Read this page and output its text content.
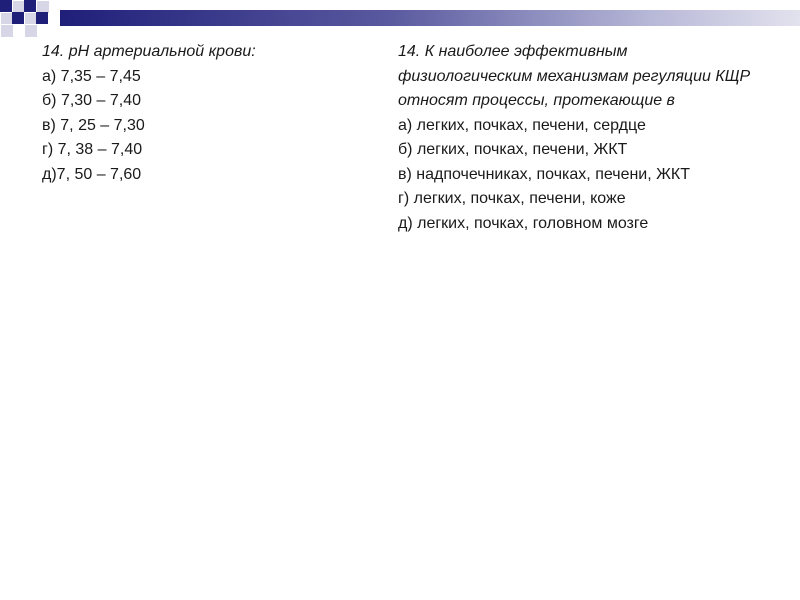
14. рН артериальной крови:

а) 7,35 – 7,45
б) 7,30 – 7,40
в) 7, 25 – 7,30
г) 7, 38 – 7,40
д)7, 50 – 7,60

14. К наиболее эффективным физиологическим механизмам регуляции КЩР относят процессы, протекающие в

а) легких, почках, печени, сердце
б) легких, почках, печени, ЖКТ
в) надпочечниках, почках, печени, ЖКТ
г) легких, почках, печени, коже
д) легких, почках, головном мозге
